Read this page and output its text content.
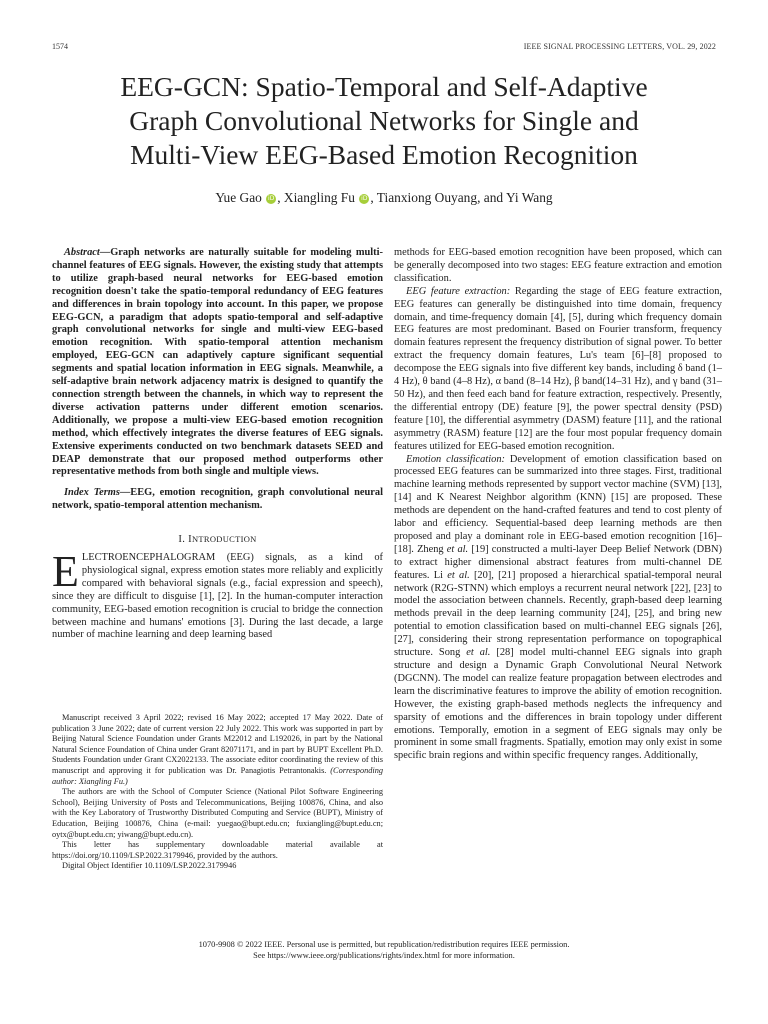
1574	IEEE SIGNAL PROCESSING LETTERS, VOL. 29, 2022
EEG-GCN: Spatio-Temporal and Self-Adaptive
Graph Convolutional Networks for Single and
Multi-View EEG-Based Emotion Recognition
Yue Gao iD , Xiangling Fu iD , Tianxiong Ouyang, and Yi Wang

Abstract—Graph networks are naturally suitable for modeling multi-channel features of EEG signals. However, the existing study that attempts to utilize graph-based neural networks for EEG-based emotion recognition doesn't take the spatio-temporal redundancy of EEG features and differences in brain topology into account. In this paper, we propose EEG-GCN, a paradigm that adopts spatio-temporal and self-adaptive graph convolutional networks for single and multi-view EEG-based emotion recognition. With spatio-temporal attention mechanism employed, EEG-GCN can adaptively capture significant sequential segments and spatial location information in EEG signals. Meanwhile, a self-adaptive brain network adjacency matrix is designed to quantify the connection strength between the channels, in which way to represent the diverse activation patterns under different emotion scenarios. Additionally, we propose a multi-view EEG-based emotion recognition method, which effectively integrates the diverse features of EEG signals. Extensive experiments conducted on two benchmark datasets SEED and DEAP demonstrate that our proposed method outperforms other representative methods from both single and multiple views.

Index Terms—EEG, emotion recognition, graph convolutional neural network, spatio-temporal attention mechanism.

I. INTRODUCTION

ELECTROENCEPHALOGRAM (EEG) signals, as a kind of physiological signal, express emotion states more reliably and explicitly compared with behavioral signals (e.g., facial expression and speech), since they are difficult to disguise [1], [2]. In the human-computer interaction community, EEG-based emotion recognition is crucial to bridge the connection between machine and humans' emotions [3]. During the last decade, a large number of machine learning and deep learning based

Manuscript received 3 April 2022; revised 16 May 2022; accepted 17 May 2022. Date of publication 3 June 2022; date of current version 22 July 2022. This work was supported in part by Beijing Natural Science Foundation under Grants M22012 and L192026, in part by the National Natural Science Foundation of China under Grant 82071171, and in part by BUPT Excellent Ph.D. Students Foundation under Grant CX2022133. The associate editor coordinating the review of this manuscript and approving it for publication was Dr. Panagiotis Petrantonakis. (Corresponding author: Xiangling Fu.)

The authors are with the School of Computer Science (National Pilot Software Engineering School), Beijing University of Posts and Telecommunications, Beijing 100876, China, and also with the Key Laboratory of Trustworthy Distributed Computing and Service (BUPT), Ministry of Education, Beijing 100876, China (e-mail: yuegao@bupt.edu.cn; fuxiangling@bupt.edu.cn; oytx@bupt.edu.cn; yiwang@bupt.edu.cn).

This letter has supplementary downloadable material available at https://doi.org/10.1109/LSP.2022.3179946, provided by the authors.

Digital Object Identifier 10.1109/LSP.2022.3179946

methods for EEG-based emotion recognition have been proposed, which can be generally decomposed into two stages: EEG feature extraction and emotion classification.

EEG feature extraction: Regarding the stage of EEG feature extraction, EEG features can generally be distinguished into time domain, frequency domain, and time-frequency domain [4], [5], during which frequency domain EEG features are most predominant. Based on Fourier transform, frequency domain features represent the frequency distribution of signal power. To better extract the frequency domain features, Lu's team [6]–[8] proposed to decompose the EEG signals into five different key bands, including δ band (1–4 Hz), θ band (4–8 Hz), α band (8–14 Hz), β band(14–31 Hz), and γ band (31–50 Hz), and then feed each band for feature extraction, respectively. Presently, the differential entropy (DE) feature [9], the power spectral density (PSD) feature [10], the differential asymmetry (DASM) feature [11], and the rational asymmetry (RASM) feature [12] are the four most popular frequency domain features utilized for EEG-based emotion recognition.

Emotion classification: Development of emotion classification based on processed EEG features can be summarized into three stages. First, traditional machine learning methods represented by support vector machine (SVM) [13], [14] and K Nearest Neighbor algorithm (KNN) [15] are proposed. These methods are dependent on the hand-crafted features and tend to cost plenty of labor and efficiency. Sequential-based deep learning methods are then proposed and play a dominant role in EEG-based emotion recognition [16]–[18]. Zheng et al. [19] constructed a multi-layer Deep Belief Network (DBN) to extract higher dimensional abstract features from multi-channel DE features. Li et al. [20], [21] proposed a hierarchical spatial-temporal neural network (R2G-STNN) which employs a recurrent neural network [22], [23] to model the association between channels. Recently, graph-based deep learning methods prevail in the deep learning community [24], [25], and bring new potential to emotion classification based on multi-channel EEG signals [26], [27], considering their strong representation performance on topographical structure. Song et al. [28] model multi-channel EEG signals into graph structure and design a Dynamic Graph Convolutional Neural Network (DGCNN). The model can realize feature propagation between electrodes and learn the discriminative features to improve the ability of emotion recognition. However, the existing graph-based methods neglects the infrequency and sparsity of emotions and the differences in brain topology under different emotions. Temporally, emotion in a segment of EEG signals may only be prominent in some small fragments. Spatially, emotion may only exist in some specific brain regions and within specific frequency ranges. Additionally,

1070-9908 © 2022 IEEE. Personal use is permitted, but republication/redistribution requires IEEE permission.
See https://www.ieee.org/publications/rights/index.html for more information.
